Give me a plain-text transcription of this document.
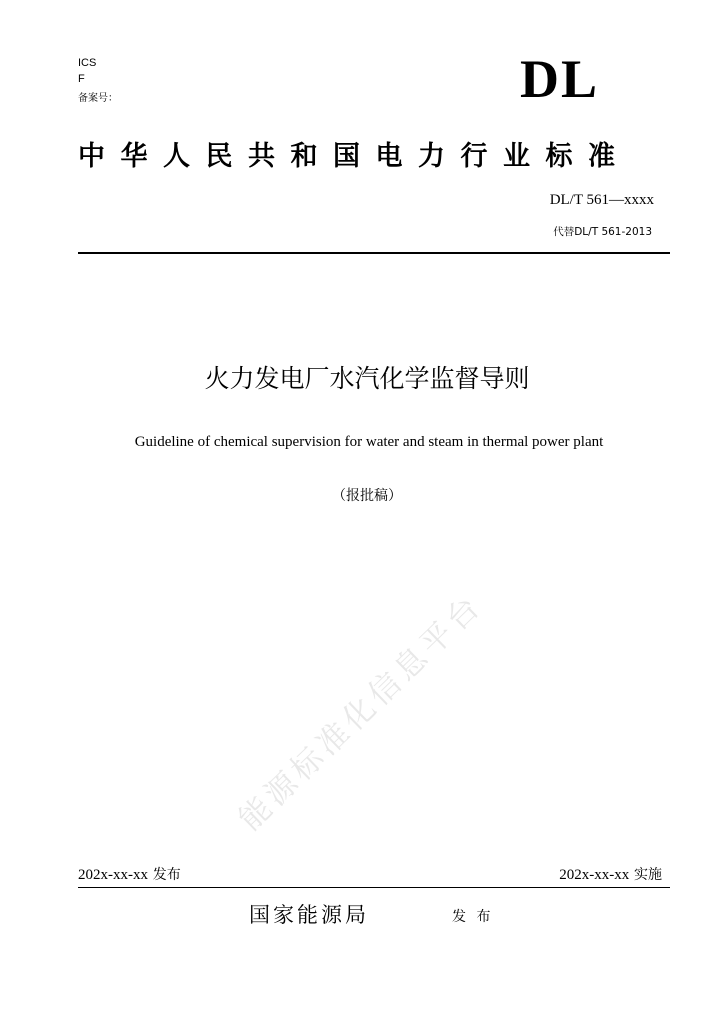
能源标准化信息平台
ICS
F
备案号：	DL
中华人民共和国电力行业标准
DL/T 561—xxxx
代替DL/T 561-2013
火力发电厂水汽化学监督导则
Guideline of chemical supervision for water and steam in thermal power plant
（报批稿）
202x-xx-xx 发布	202x-xx-xx 实施
国家能源局	发 布
